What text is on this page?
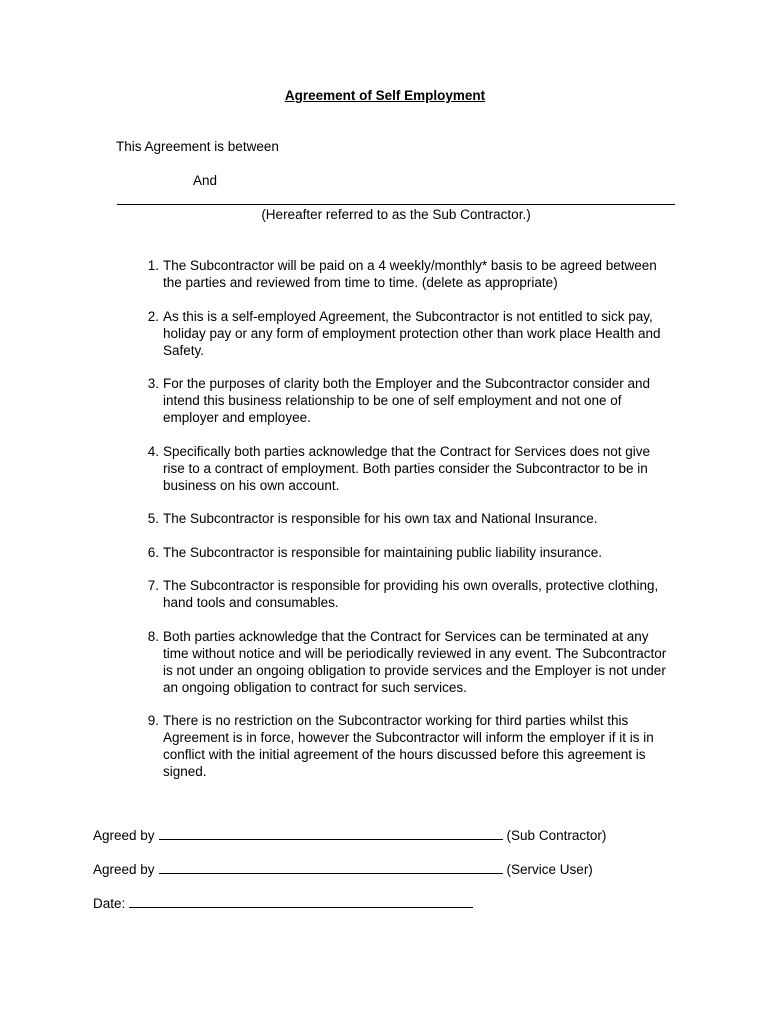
Agreement of Self Employment
This Agreement is between
And
(Hereafter referred to as the Sub Contractor.)
1. The Subcontractor will be paid on a 4 weekly/monthly* basis to be agreed between the parties and reviewed from time to time. (delete as appropriate)
2. As this is a self-employed Agreement, the Subcontractor is not entitled to sick pay, holiday pay or any form of employment protection other than work place Health and Safety.
3. For the purposes of clarity both the Employer and the Subcontractor consider and intend this business relationship to be one of self employment and not one of employer and employee.
4. Specifically both parties acknowledge that the Contract for Services does not give rise to a contract of employment. Both parties consider the Subcontractor to be in business on his own account.
5. The Subcontractor is responsible for his own tax and National Insurance.
6. The Subcontractor is responsible for maintaining public liability insurance.
7. The Subcontractor is responsible for providing his own overalls, protective clothing, hand tools and consumables.
8. Both parties acknowledge that the Contract for Services can be terminated at any time without notice and will be periodically reviewed in any event. The Subcontractor is not under an ongoing obligation to provide services and the Employer is not under an ongoing obligation to contract for such services.
9. There is no restriction on the Subcontractor working for third parties whilst this Agreement is in force, however the Subcontractor will inform the employer if it is in conflict with the initial agreement of the hours discussed before this agreement is signed.
Agreed by	(Sub Contractor)
Agreed by	(Service User)
Date:
